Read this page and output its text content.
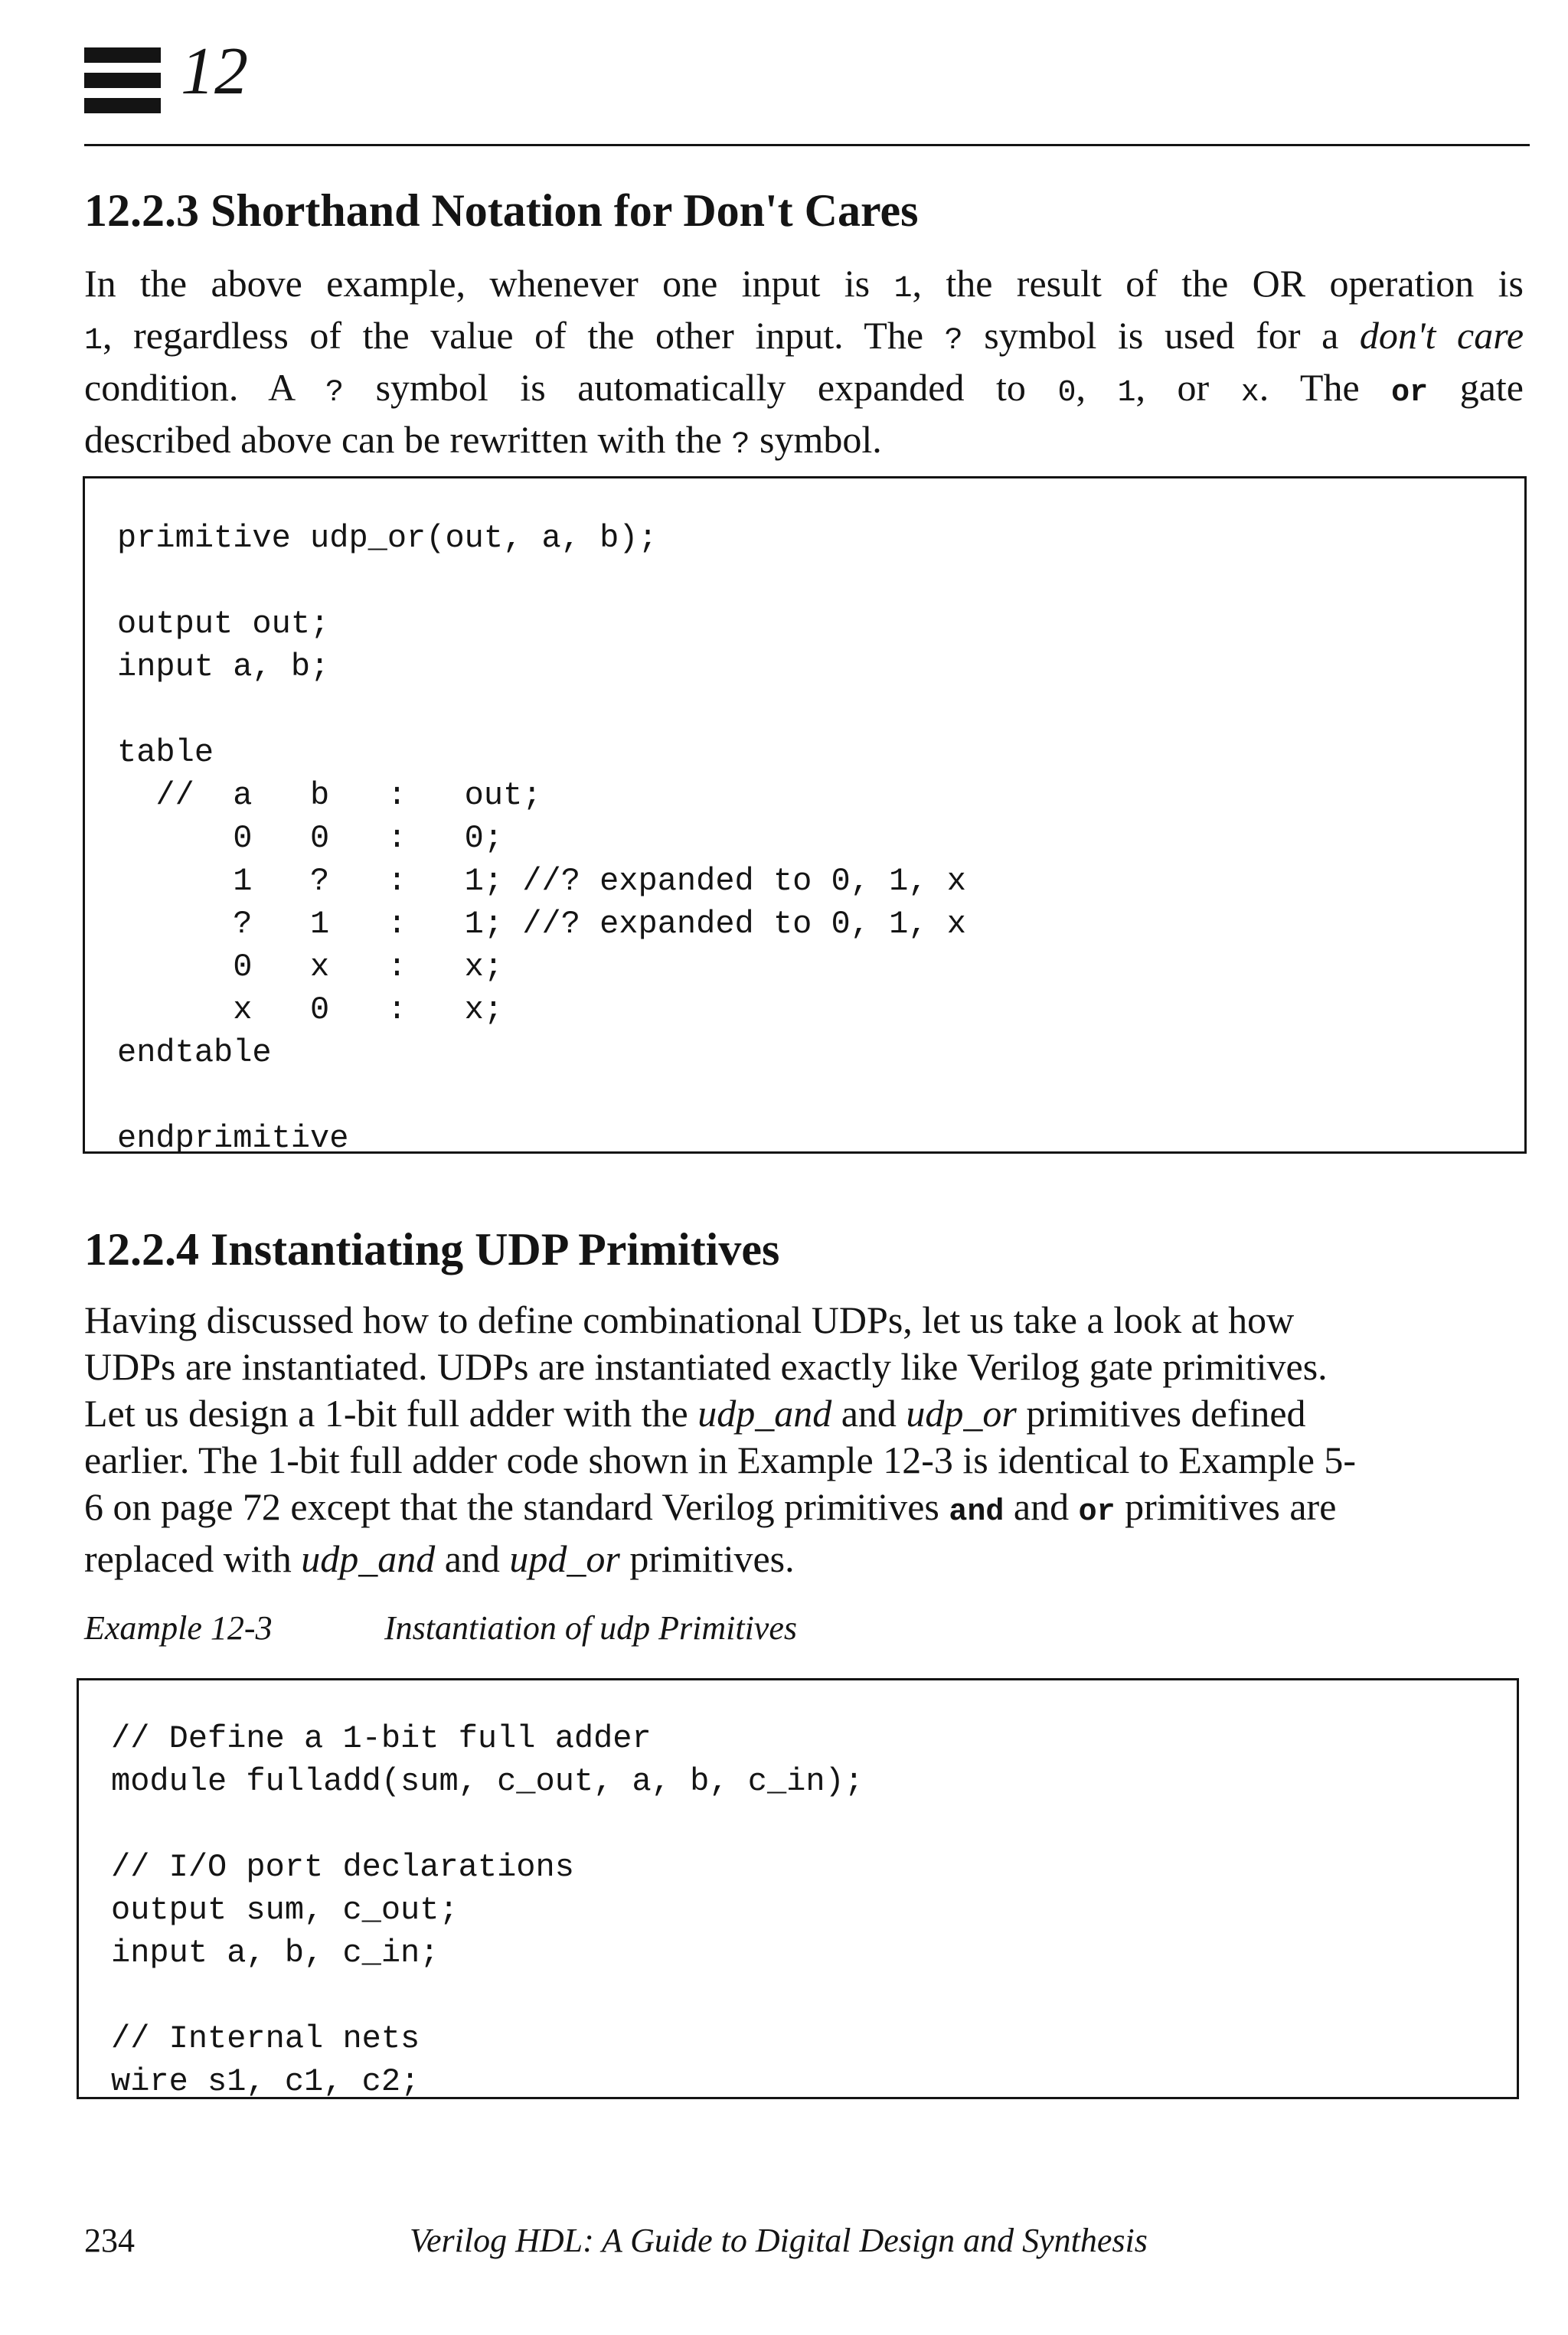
12
12.2.3 Shorthand Notation for Don't Cares

In the above example, whenever one input is 1, the result of the OR operation is
1, regardless of the value of the other input. The ? symbol is used for a don't care
condition. A ? symbol is automatically expanded to 0, 1, or x. The or gate
described above can be rewritten with the ? symbol.

primitive udp_or(out, a, b);

output out;
input a, b;

table
//  a   b   :   out;
0   0   :   0;
1   ?   :   1; //? expanded to 0, 1, x
?   1   :   1; //? expanded to 0, 1, x
0   x   :   x;
x   0   :   x;
endtable

endprimitive
12.2.4 Instantiating UDP Primitives

Having discussed how to define combinational UDPs, let us take a look at how
UDPs are instantiated. UDPs are instantiated exactly like Verilog gate primitives.
Let us design a 1-bit full adder with the udp_and and udp_or primitives defined
earlier. The 1-bit full adder code shown in Example 12-3 is identical to Example 5-
6 on page 72 except that the standard Verilog primitives and and or primitives are
replaced with udp_and and upd_or primitives.

Example 12-3	Instantiation of udp Primitives
// Define a 1-bit full adder
module fulladd(sum, c_out, a, b, c_in);

// I/O port declarations
output sum, c_out;
input a, b, c_in;

// Internal nets
wire s1, c1, c2;
234	Verilog HDL: A Guide to Digital Design and Synthesis
